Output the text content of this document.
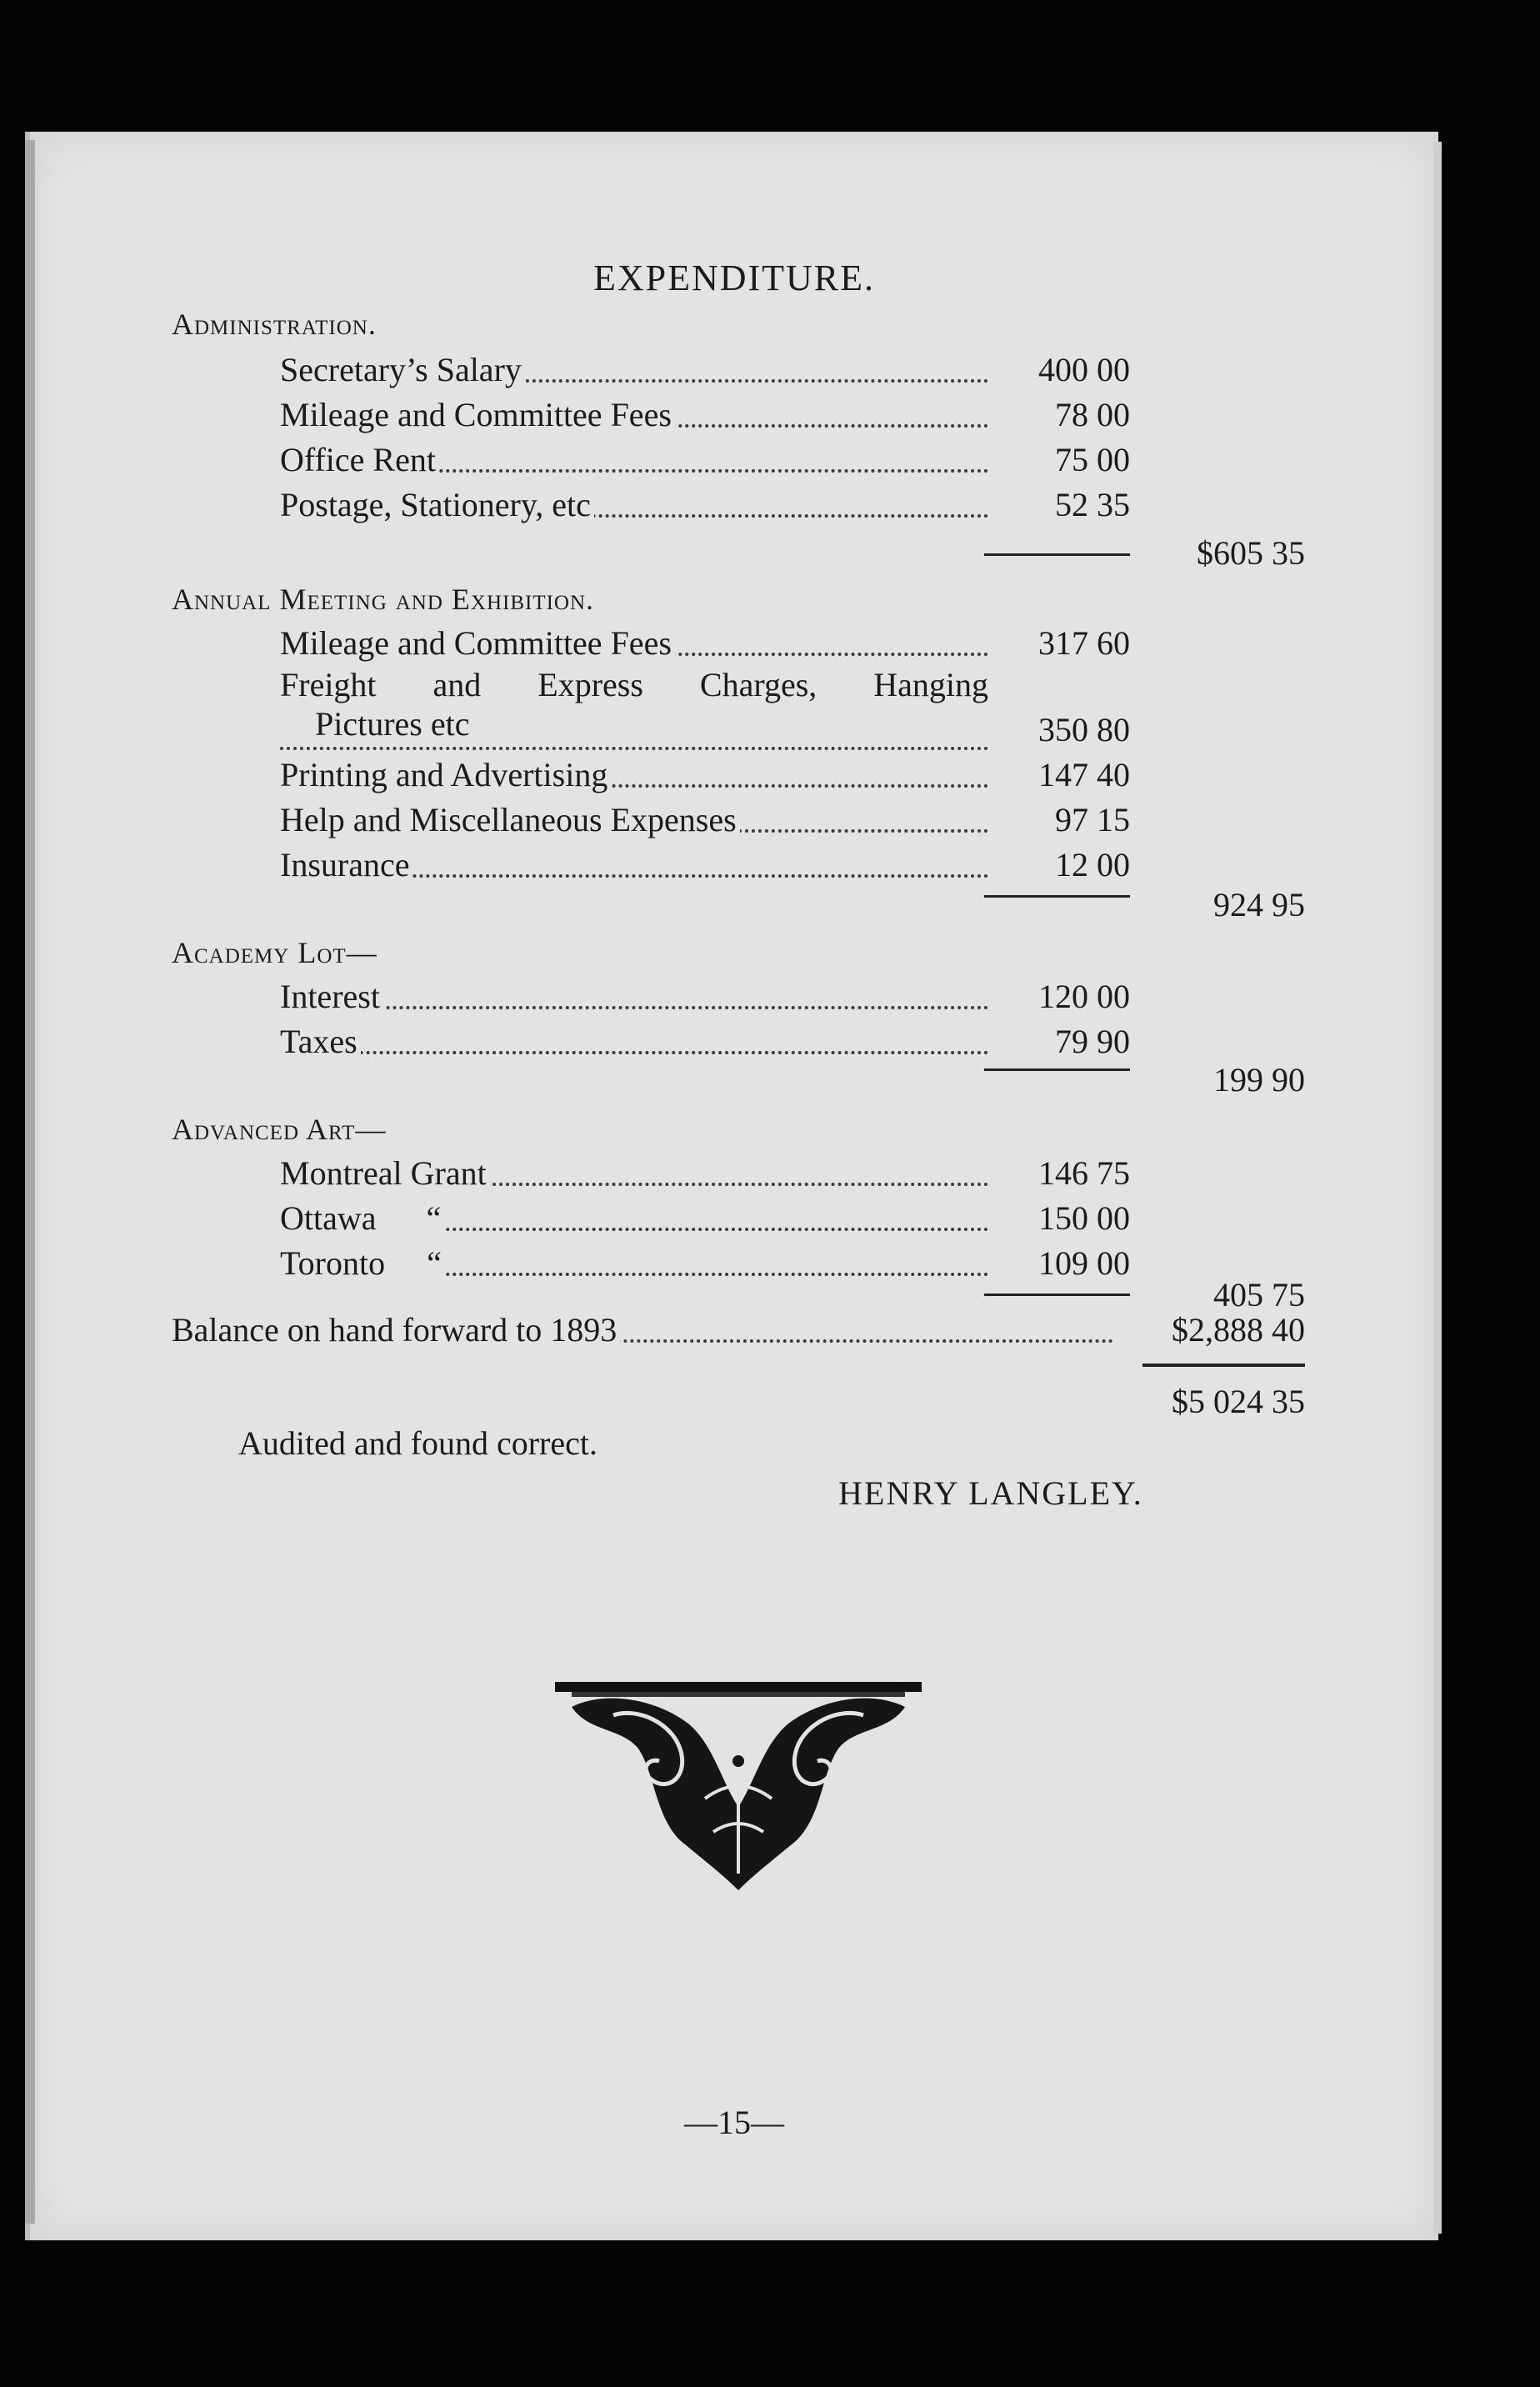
EXPENDITURE.
Administration.
Secretary’s Salary	400 00
Mileage and Committee Fees	78 00
Office Rent	75 00
Postage, Stationery, etc	52 35
$605 35
Annual Meeting and Exhibition.
Mileage and Committee Fees	317 60
Freight and Express Charges, Hanging
Pictures etc	350 80
Printing and Advertising	147 40
Help and Miscellaneous Expenses	97 15
Insurance	12 00
924 95
Academy Lot—
Interest	120 00
Taxes	79 90
199 90
Advanced Art—
Montreal Grant	146 75
Ottawa      “	150 00
Toronto     “	109 00
405 75
Balance on hand forward to 1893	$2,888 40
$5 024 35
Audited and found correct.
HENRY LANGLEY.
—15—
